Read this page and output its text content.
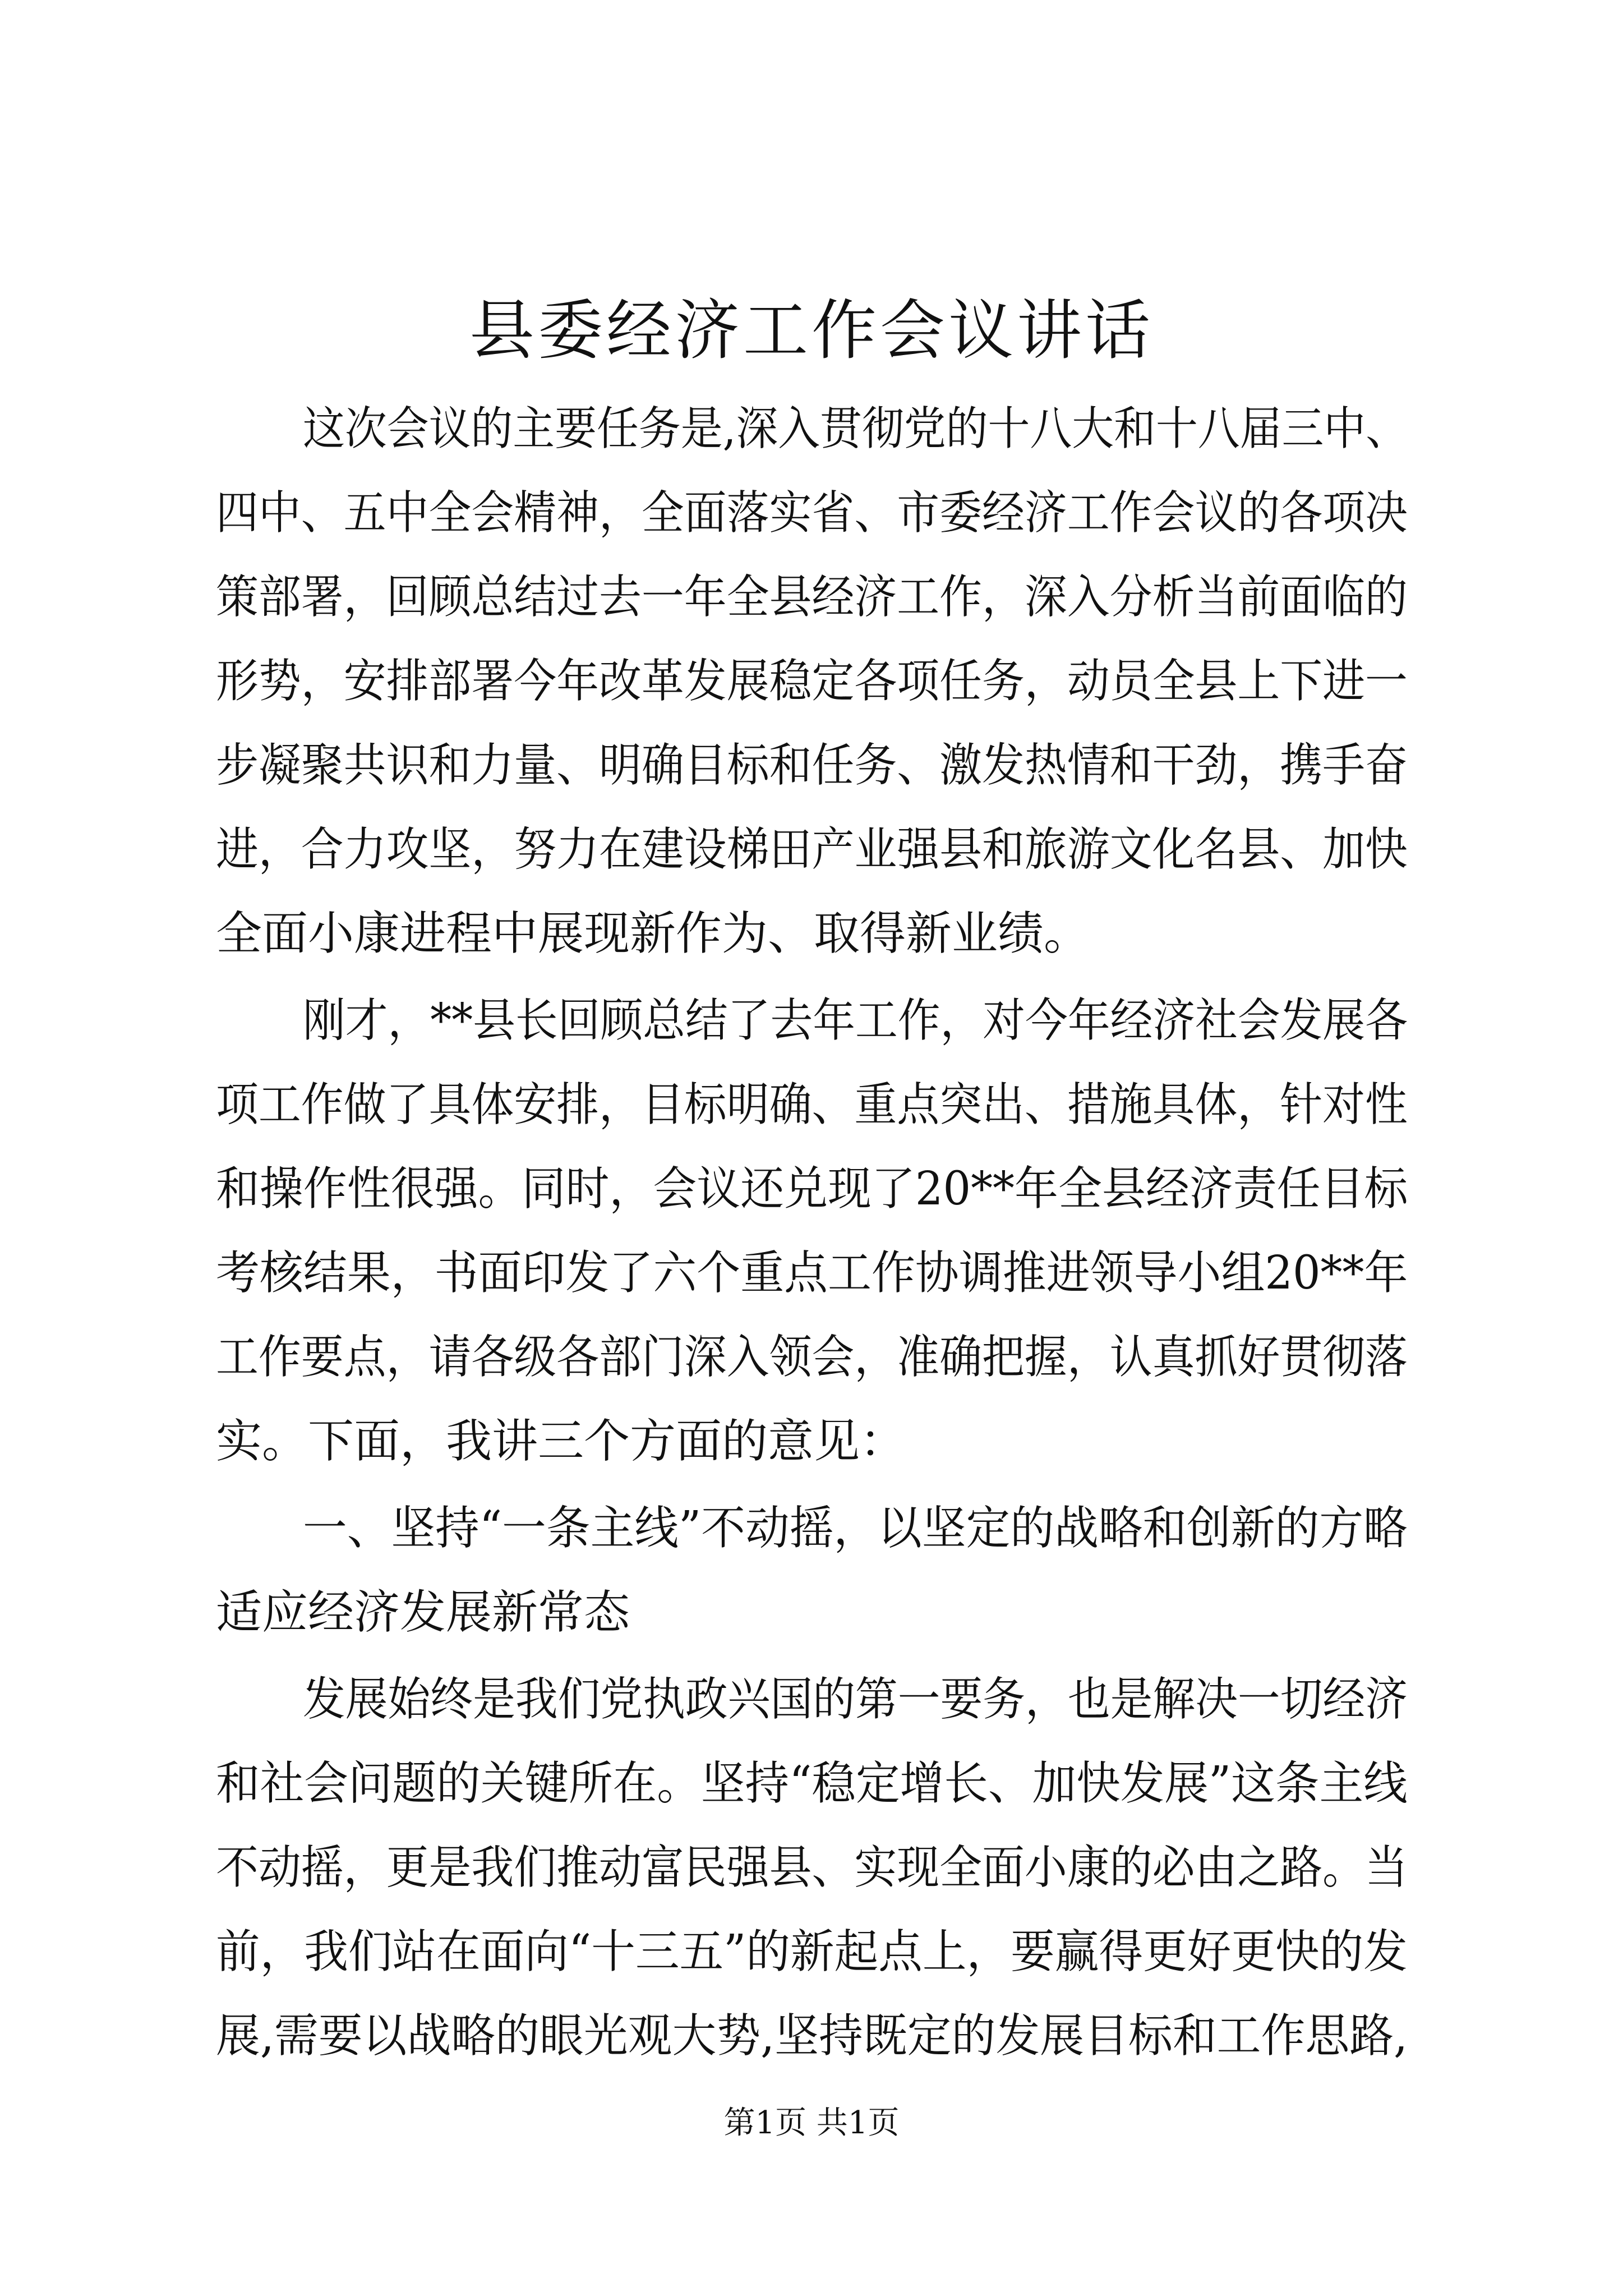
县委经济工作会议讲话
这次会议的主要任务是,深入贯彻党的十八大和十八届三中、
四中、五中全会精神，全面落实省、市委经济工作会议的各项决
策部署，回顾总结过去一年全县经济工作，深入分析当前面临的
形势，安排部署今年改革发展稳定各项任务，动员全县上下进一
步凝聚共识和力量、明确目标和任务、激发热情和干劲，携手奋
进，合力攻坚，努力在建设梯田产业强县和旅游文化名县、加快
全面小康进程中展现新作为、取得新业绩。
刚才，**县长回顾总结了去年工作，对今年经济社会发展各
项工作做了具体安排，目标明确、重点突出、措施具体，针对性
和操作性很强。同时，会议还兑现了20**年全县经济责任目标
考核结果，书面印发了六个重点工作协调推进领导小组20**年
工作要点，请各级各部门深入领会，准确把握，认真抓好贯彻落
实。下面，我讲三个方面的意见：
一、坚持“一条主线”不动摇，以坚定的战略和创新的方略
适应经济发展新常态
发展始终是我们党执政兴国的第一要务，也是解决一切经济
和社会问题的关键所在。坚持“稳定增长、加快发展”这条主线
不动摇，更是我们推动富民强县、实现全面小康的必由之路。当
前，我们站在面向“十三五”的新起点上，要赢得更好更快的发
展,需要以战略的眼光观大势,坚持既定的发展目标和工作思路,
第1页 共1页
